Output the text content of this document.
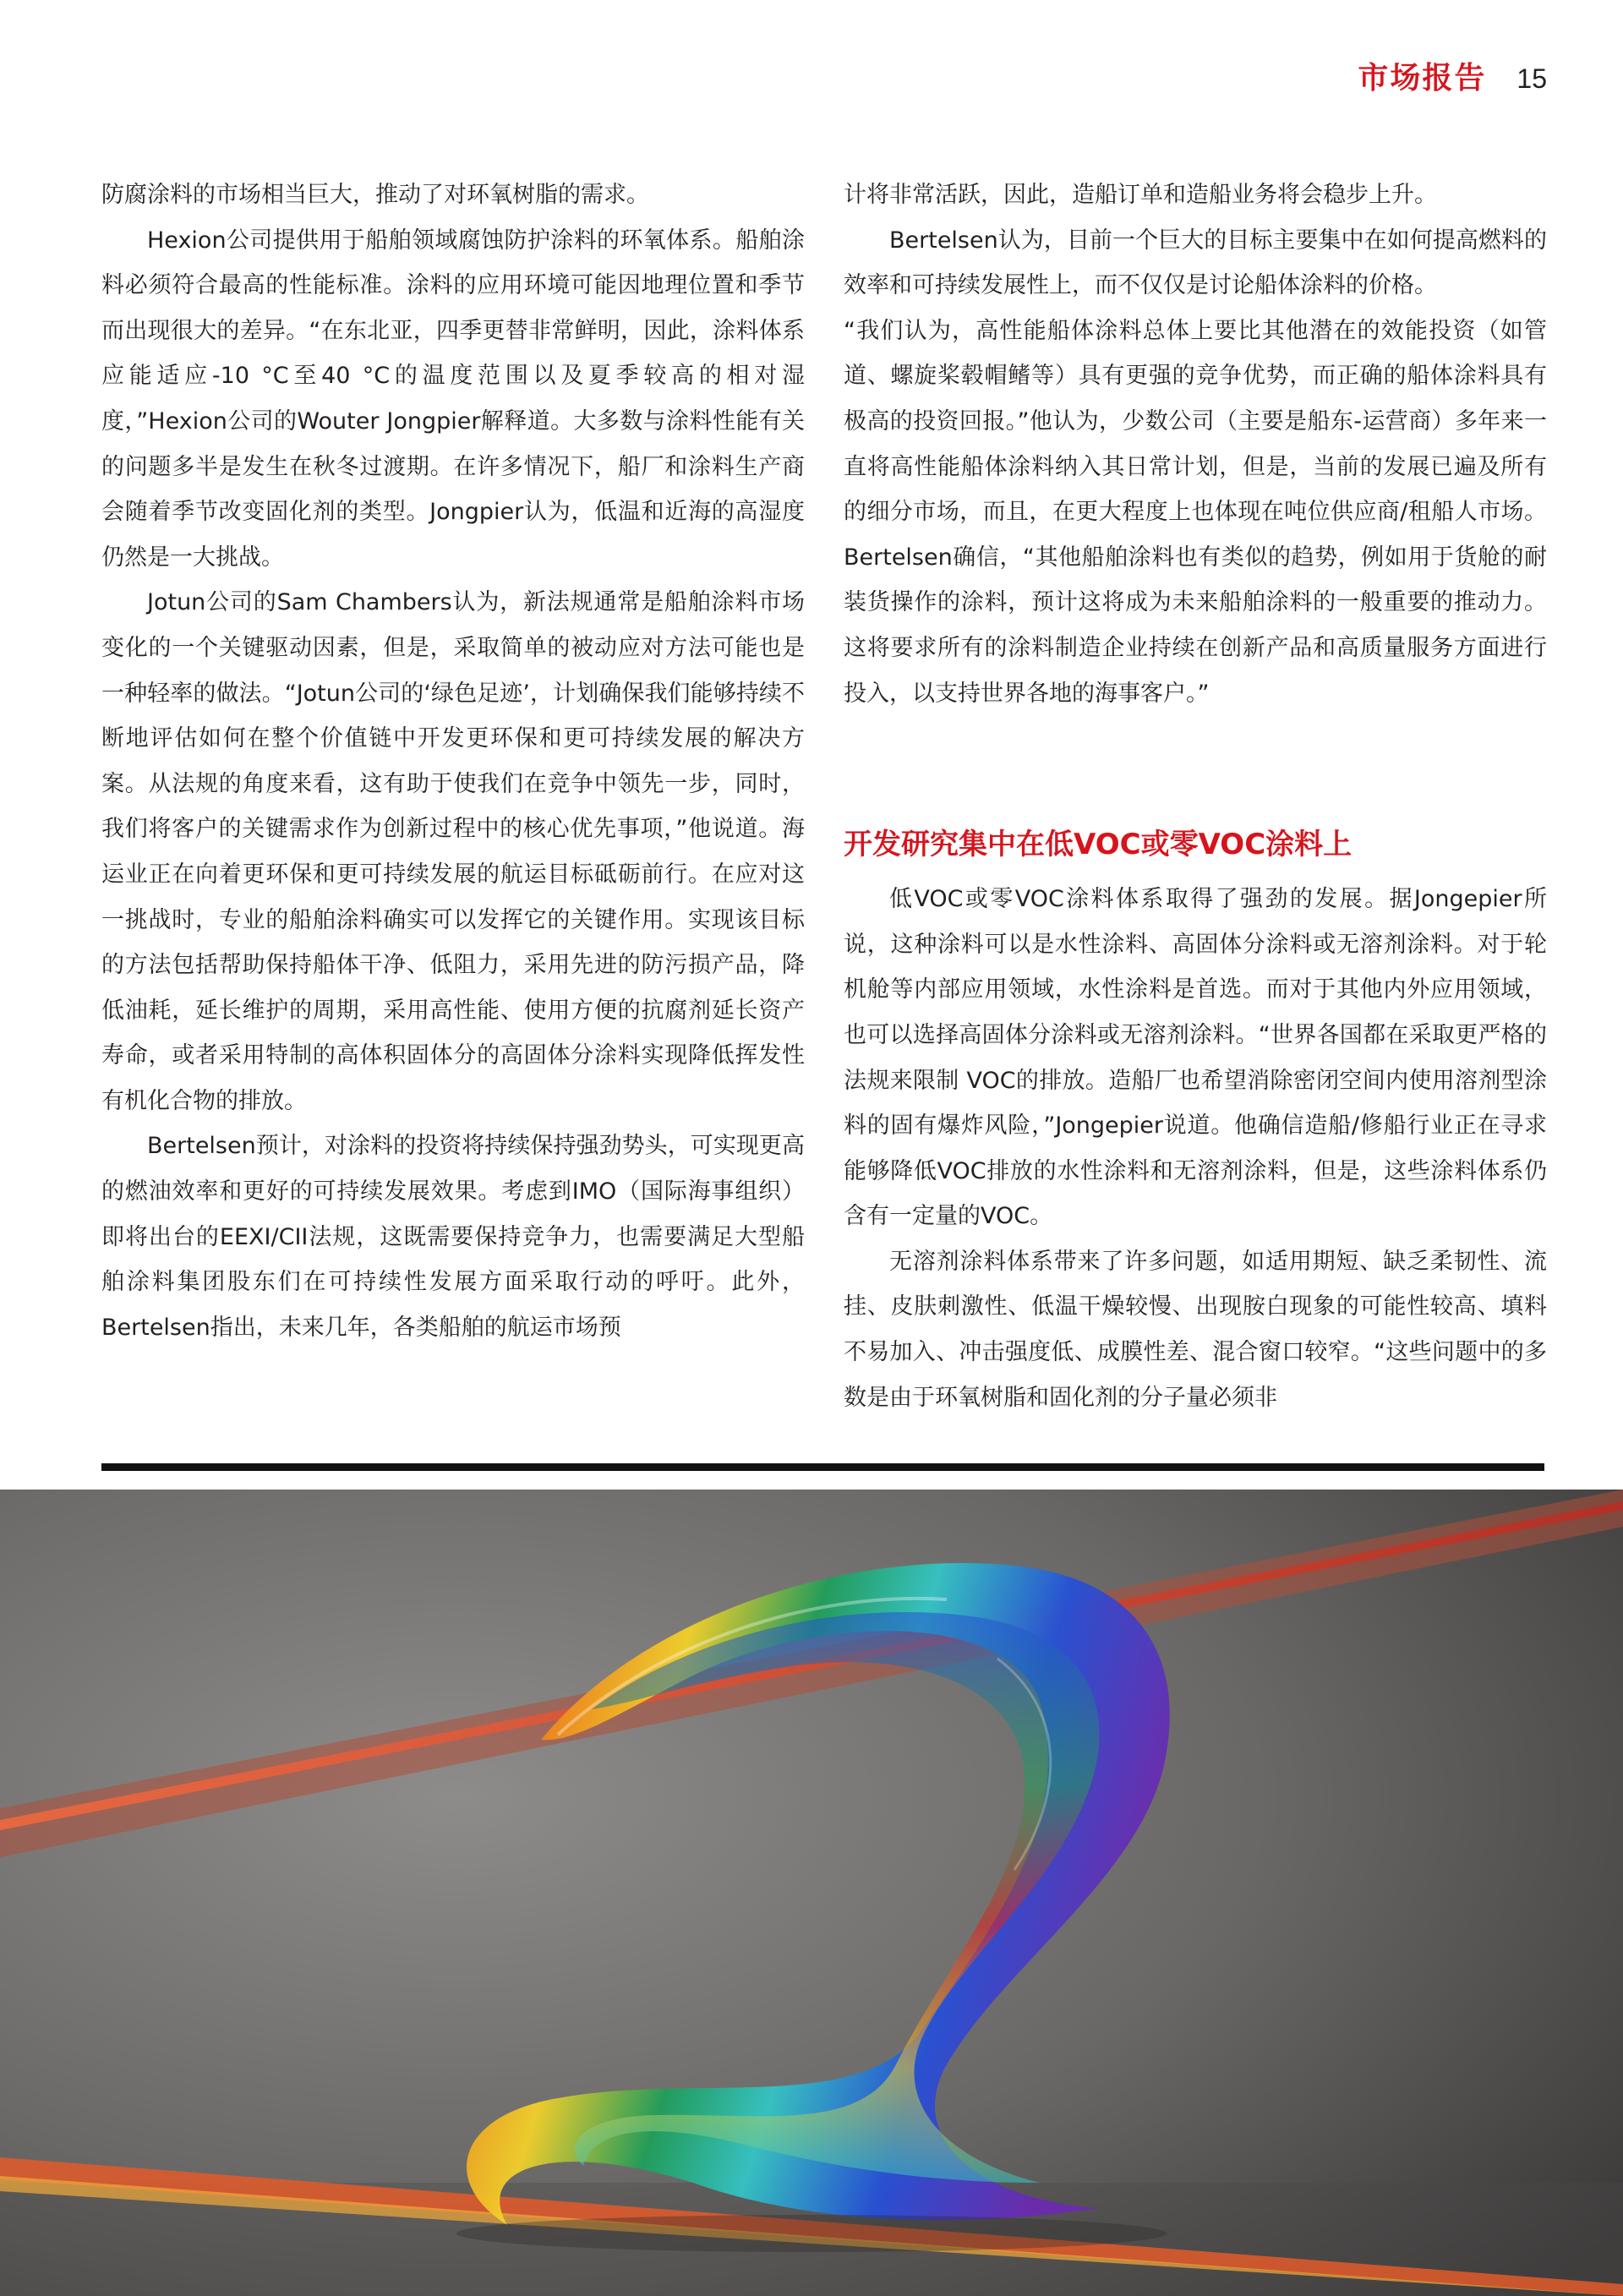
市场报告 15

防腐涂料的市场相当巨大，推动了对环氧树脂的需求。

Hexion公司提供用于船舶领域腐蚀防护涂料的环氧体系。船舶涂料必须符合最高的性能标准。涂料的应用环境可能因地理位置和季节而出现很大的差异。“在东北亚，四季更替非常鲜明，因此，涂料体系应能适应-10 °C至40 °C的温度范围以及夏季较高的相对湿度，”Hexion公司的Wouter Jongpier解释道。大多数与涂料性能有关的问题多半是发生在秋冬过渡期。在许多情况下，船厂和涂料生产商会随着季节改变固化剂的类型。Jongpier认为，低温和近海的高湿度仍然是一大挑战。

Jotun公司的Sam Chambers认为，新法规通常是船舶涂料市场变化的一个关键驱动因素，但是，采取简单的被动应对方法可能也是一种轻率的做法。“Jotun公司的‘绿色足迹’，计划确保我们能够持续不断地评估如何在整个价值链中开发更环保和更可持续发展的解决方案。从法规的角度来看，这有助于使我们在竞争中领先一步，同时，我们将客户的关键需求作为创新过程中的核心优先事项，”他说道。海运业正在向着更环保和更可持续发展的航运目标砥砺前行。在应对这一挑战时，专业的船舶涂料确实可以发挥它的关键作用。实现该目标的方法包括帮助保持船体干净、低阻力，采用先进的防污损产品，降低油耗，延长维护的周期，采用高性能、使用方便的抗腐剂延长资产寿命，或者采用特制的高体积固体分的高固体分涂料实现降低挥发性有机化合物的排放。

Bertelsen预计，对涂料的投资将持续保持强劲势头，可实现更高的燃油效率和更好的可持续发展效果。考虑到IMO（国际海事组织）即将出台的EEXI/CII法规，这既需要保持竞争力，也需要满足大型船舶涂料集团股东们在可持续性发展方面采取行动的呼吁。此外，Bertelsen指出，未来几年，各类船舶的航运市场预

计将非常活跃，因此，造船订单和造船业务将会稳步上升。

Bertelsen认为，目前一个巨大的目标主要集中在如何提高燃料的效率和可持续发展性上，而不仅仅是讨论船体涂料的价格。

“我们认为，高性能船体涂料总体上要比其他潜在的效能投资（如管道、螺旋桨毂帽鳍等）具有更强的竞争优势，而正确的船体涂料具有极高的投资回报。”他认为，少数公司（主要是船东-运营商）多年来一直将高性能船体涂料纳入其日常计划，但是，当前的发展已遍及所有的细分市场，而且，在更大程度上也体现在吨位供应商/租船人市场。Bertelsen确信，“其他船舶涂料也有类似的趋势，例如用于货舱的耐装货操作的涂料，预计这将成为未来船舶涂料的一般重要的推动力。这将要求所有的涂料制造企业持续在创新产品和高质量服务方面进行投入，以支持世界各地的海事客户。”

开发研究集中在低VOC或零VOC涂料上

低VOC或零VOC涂料体系取得了强劲的发展。据Jongepier所说，这种涂料可以是水性涂料、高固体分涂料或无溶剂涂料。对于轮机舱等内部应用领域，水性涂料是首选。而对于其他内外应用领域，也可以选择高固体分涂料或无溶剂涂料。“世界各国都在采取更严格的法规来限制 VOC的排放。造船厂也希望消除密闭空间内使用溶剂型涂料的固有爆炸风险，”Jongepier说道。他确信造船/修船行业正在寻求能够降低VOC排放的水性涂料和无溶剂涂料，但是，这些涂料体系仍含有一定量的VOC。

无溶剂涂料体系带来了许多问题，如适用期短、缺乏柔韧性、流挂、皮肤刺激性、低温干燥较慢、出现胺白现象的可能性较高、填料不易加入、冲击强度低、成膜性差、混合窗口较窄。“这些问题中的多数是由于环氧树脂和固化剂的分子量必须非
